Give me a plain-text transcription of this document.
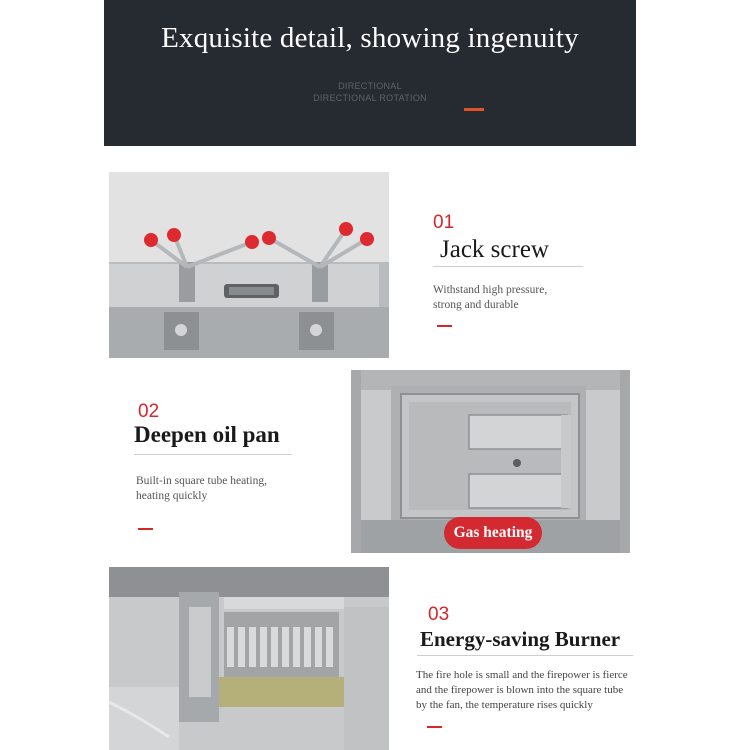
Exquisite detail, showing ingenuity
DIRECTIONAL
DIRECTIONAL ROTATION
01
Jack screw
Withstand high pressure,
strong and durable
02
Deepen oil pan
Built-in square tube heating,
heating quickly
Gas heating
03
Energy-saving Burner
The fire hole is small and the firepower is fierce
and the firepower is blown into the square tube
by the fan, the temperature rises quickly
